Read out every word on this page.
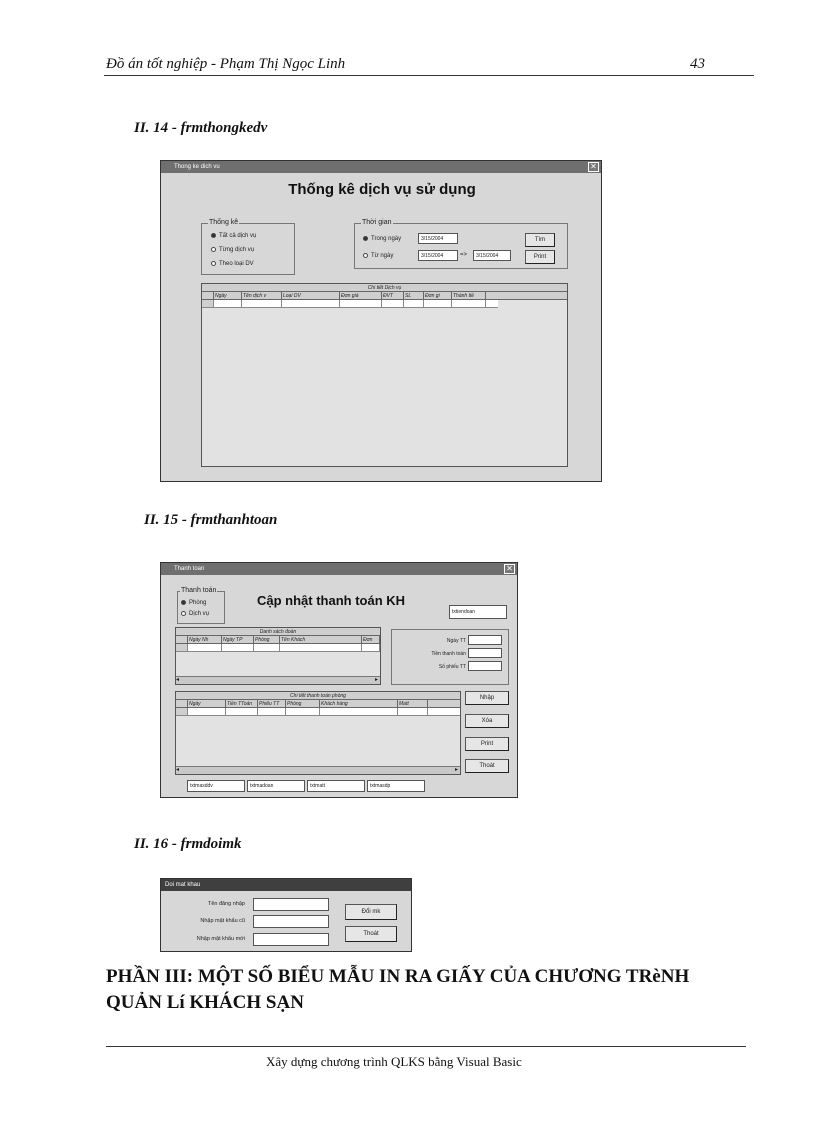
Đồ án tốt nghiệp - Phạm Thị Ngọc Linh	43
II. 14 - frmthongkedv
Thong ke dich vu	✕
Thống kê dịch vụ sử dụng
Thống kê
Tất cả dịch vụ
Từng dịch vụ
Theo loại DV
Thời gian
Trong ngày
Từ ngày
3/15/2004
3/15/2004	=>	3/15/2004
Tìm
Print
Chi tiết Dịch vụ
Ngày	Tên dịch v	Loại DV	Đơn giá	ĐVT	SL	Đơn gi	Thành tiề
II. 15 - frmthanhtoan
Thanh toan	✕
Thanh toán
Phòng
Dịch vụ
Cập nhật thanh toán KH
txtiendoan
Danh sách đoàn
Ngày Nh	Ngày TP	Phòng	Tên Khách	Đơn
◂	▸
Ngày TT
Tiền thanh toán
Số phiếu TT
Chi tiết thanh toán phòng
Ngày	Tiền TToán	Phiếu TT	Phòng	Khách hàng	Matt
◂	▸
Nhập
Xóa
Print
Thoát
txtmasddv	txtmadoan	txtmatt	txtmasdp
II. 16 - frmdoimk
Doi mat khau
Tên đăng nhập
Nhập mật khẩu cũ
Nhập mật khẩu mới
Đổi mk
Thoát
PHẦN III: MỘT SỐ BIỂU MẪU IN RA GIẤY CỦA CHƯƠNG TRèNH QUẢN Lí KHÁCH SẠN
Xây dựng chương trình QLKS bằng Visual Basic
